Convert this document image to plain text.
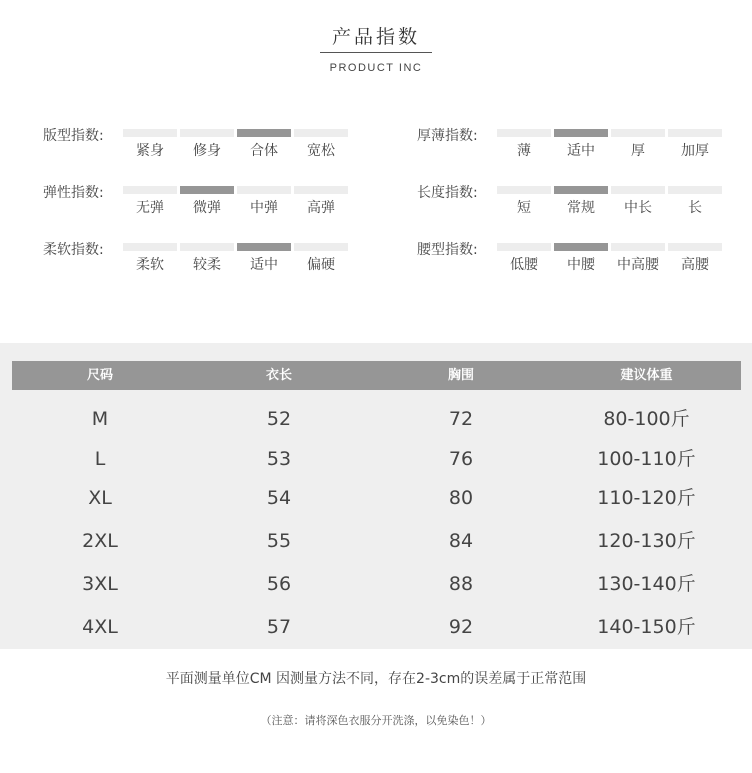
产品指数
PRODUCT INC
版型指数:
紧身	修身	合体	宽松
弹性指数:
无弹	微弹	中弹	高弹
柔软指数:
柔软	较柔	适中	偏硬
厚薄指数:
薄	适中	厚	加厚
长度指数:
短	常规	中长	长
腰型指数:
低腰	中腰	中高腰	高腰
尺码	衣长	胸围	建议体重
M	52	72	80-100斤
L	53	76	100-110斤
XL	54	80	110-120斤
2XL	55	84	120-130斤
3XL	56	88	130-140斤
4XL	57	92	140-150斤
平面测量单位CM 因测量方法不同，存在2-3cm的误差属于正常范围
（注意：请将深色衣服分开洗涤，以免染色！）
